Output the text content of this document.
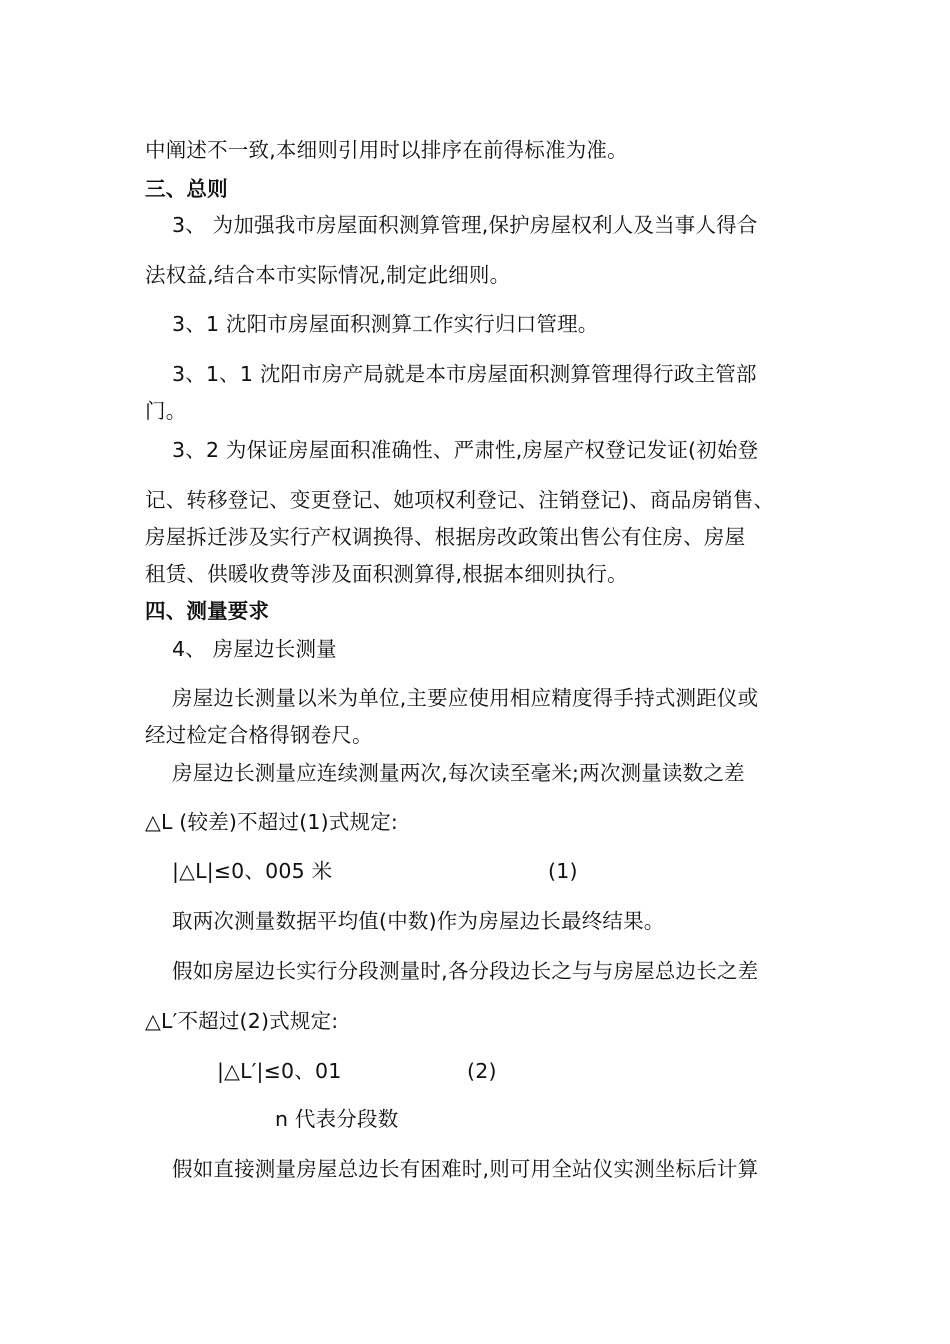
中阐述不一致,本细则引用时以排序在前得标准为准。
三、总则
3、 为加强我市房屋面积测算管理,保护房屋权利人及当事人得合
法权益,结合本市实际情况,制定此细则。
3、1 沈阳市房屋面积测算工作实行归口管理。
3、1、1 沈阳市房产局就是本市房屋面积测算管理得行政主管部
门。
3、2 为保证房屋面积准确性、严肃性,房屋产权登记发证(初始登
记、转移登记、变更登记、她项权利登记、注销登记)、商品房销售、
房屋拆迁涉及实行产权调换得、根据房改政策出售公有住房、房屋
租赁、供暖收费等涉及面积测算得,根据本细则执行。
四、测量要求
4、 房屋边长测量
房屋边长测量以米为单位,主要应使用相应精度得手持式测距仪或
经过检定合格得钢卷尺。
房屋边长测量应连续测量两次,每次读至毫米;两次测量读数之差
△L (较差)不超过(1)式规定:
|△L|≤0、005 米	(1)
取两次测量数据平均值(中数)作为房屋边长最终结果。
假如房屋边长实行分段测量时,各分段边长之与与房屋总边长之差
△L′不超过(2)式规定:
|△L′|≤0、01	(2)
n 代表分段数
假如直接测量房屋总边长有困难时,则可用全站仪实测坐标后计算
